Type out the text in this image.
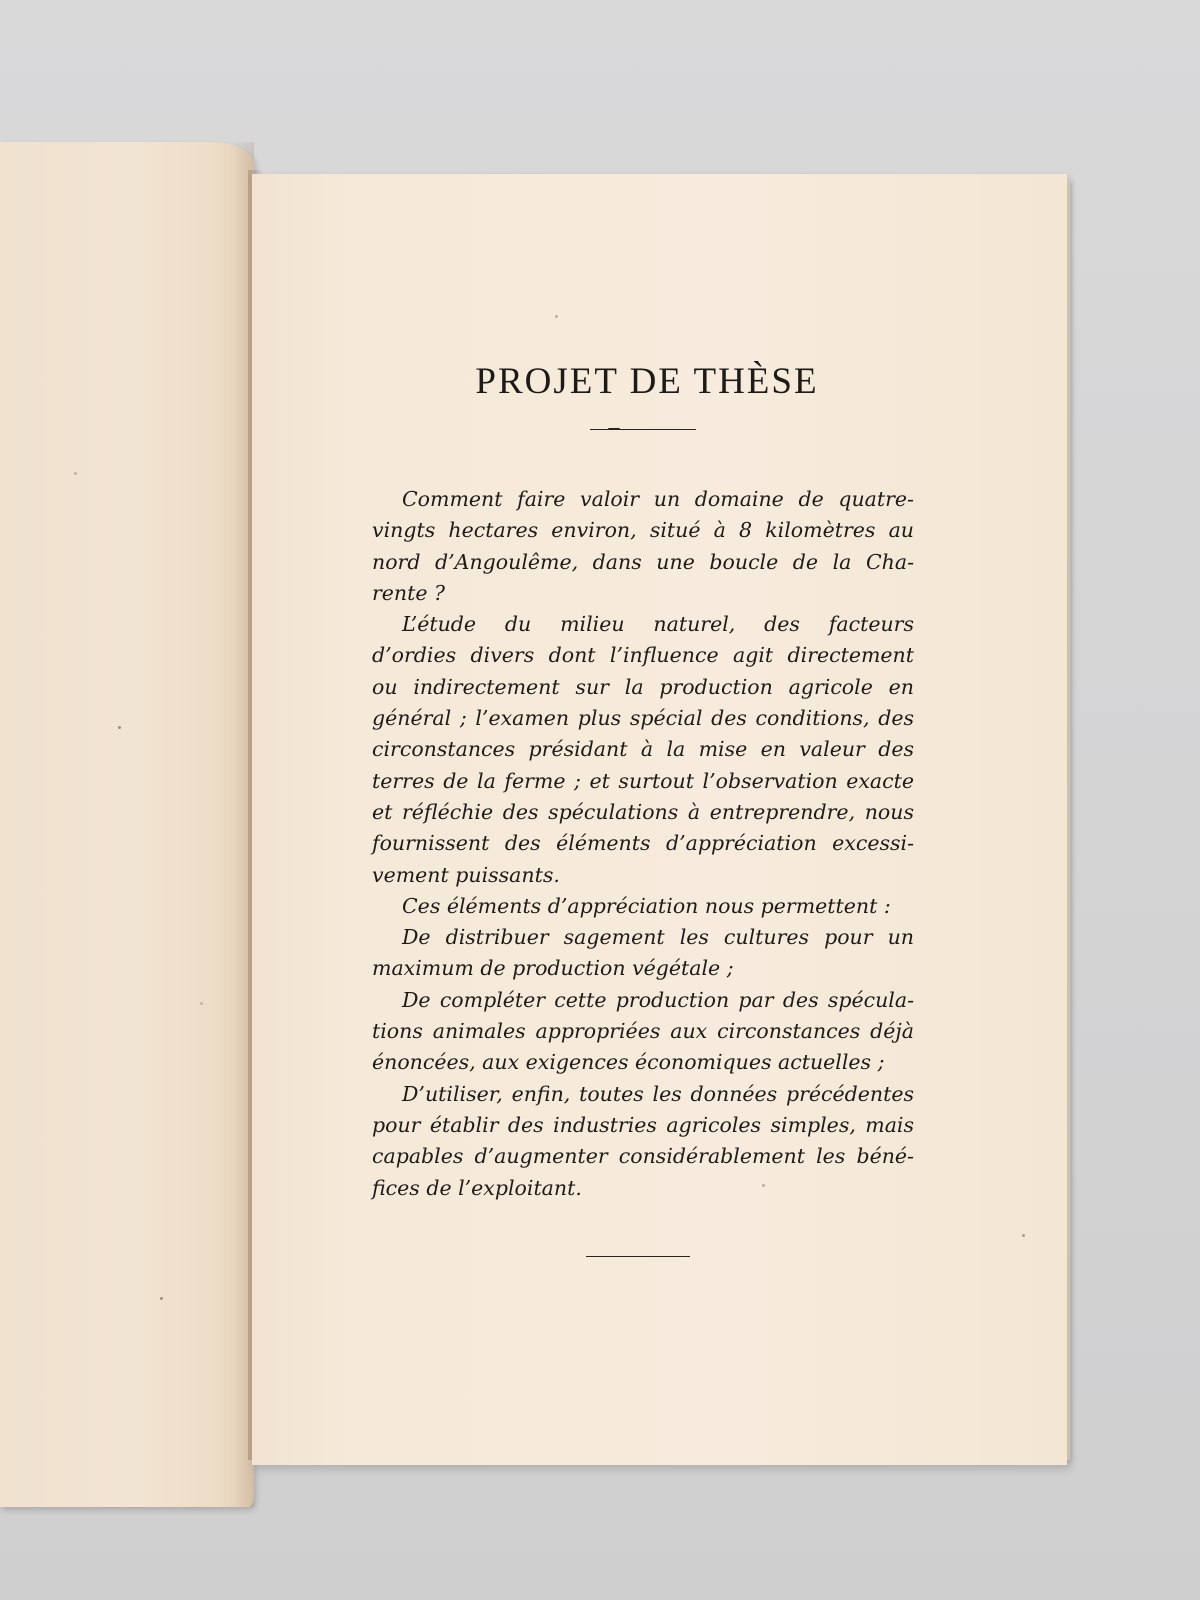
PROJET DE THÈSE
Comment faire valoir un domaine de quatre-
vingts hectares environ, situé à 8 kilomètres au
nord d’Angoulême, dans une boucle de la Cha-
rente ?
L’étude du milieu naturel, des facteurs
d’ordies divers dont l’influence agit directement
ou indirectement sur la production agricole en
général ; l’examen plus spécial des conditions, des
circonstances présidant à la mise en valeur des
terres de la ferme ; et surtout l’observation exacte
et réfléchie des spéculations à entreprendre, nous
fournissent des éléments d’appréciation excessi-
vement puissants.
Ces éléments d’appréciation nous permettent :
De distribuer sagement les cultures pour un
maximum de production végétale ;
De compléter cette production par des spécula-
tions animales appropriées aux circonstances déjà
énoncées, aux exigences économiques actuelles ;
D’utiliser, enfin, toutes les données précédentes
pour établir des industries agricoles simples, mais
capables d’augmenter considérablement les béné-
fices de l’exploitant.
